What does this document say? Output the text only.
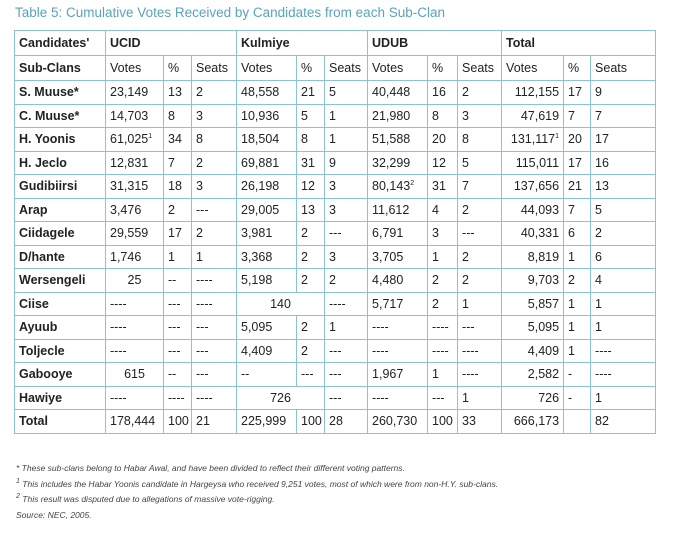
Table 5: Cumulative Votes Received by Candidates from each Sub-Clan
Candidates'	UCID			Kulmiye			UDUB			Total		
Sub-Clans	Votes	%	Seats	Votes	%	Seats	Votes	%	Seats	Votes	%	Seats
S. Muuse*	23,149	13	2	48,558	21	5	40,448	16	2	112,155	17	9
C. Muuse*	14,703	8	3	10,936	5	1	21,980	8	3	47,619	7	7
H. Yoonis	61,025$^1$	34	8	18,504	8	1	51,588	20	8	131,117$^1$	20	17
H. Jeclo	12,831	7	2	69,881	31	9	32,299	12	5	115,011	17	16
Gudibiirsi	31,315	18	3	26,198	12	3	80,143$^2$	31	7	137,656	21	13
Arap	3,476	2	---	29,005	13	3	11,612	4	2	44,093	7	5
Ciidagele	29,559	17	2	3,981	2	---	6,791	3	---	40,331	6	2
D/hante	1,746	1	1	3,368	2	3	3,705	1	2	8,819	1	6
Wersengeli	25	--	----	5,198	2	2	4,480	2	2	9,703	2	4
Ciise	----	---	----	140		----	5,717	2	1	5,857	1	1
Ayuub	----	---	---	5,095	2	1	----	----	---	5,095	1	1
Toljecle	----	---	---	4,409	2	---	----	----	----	4,409	1	----
Gabooye	615	--	---	--	---	---	1,967	1	----	2,582	-	----
Hawiye	----	----	----	726		---	----	---	1	726	-	1
Total	178,444	100	21	225,999	100	28	260,730	100	33	666,173		82
* These sub-clans belong to Habar Awal, and have been divided to reflect their different voting patterns.
$^1$ This includes the Habar Yoonis candidate in Hargeysa who received 9,251 votes, most of which were from non-H.Y. sub-clans.
$^2$ This result was disputed due to allegations of massive vote-rigging.
Source: NEC, 2005.
